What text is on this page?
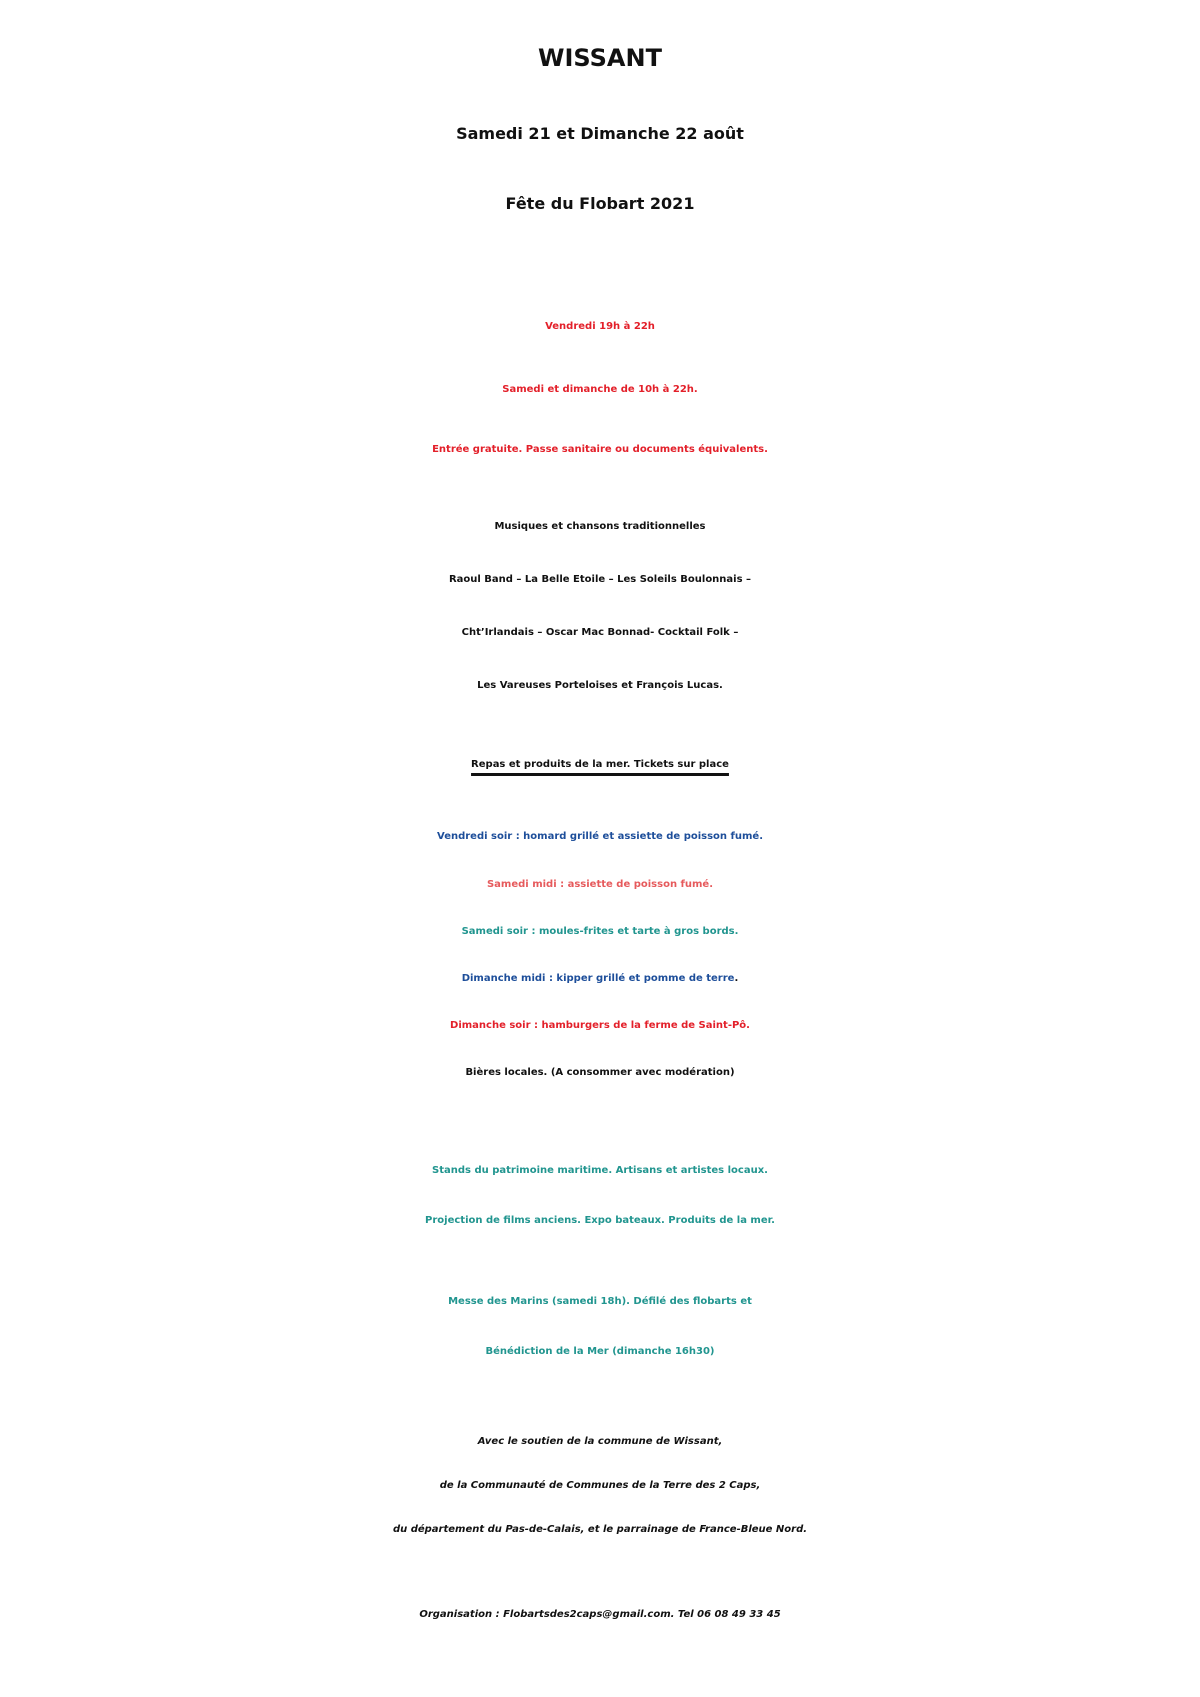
WISSANT
Samedi 21 et Dimanche 22 août
Fête du Flobart 2021
Vendredi 19h à 22h
Samedi et dimanche de 10h à 22h.
Entrée gratuite. Passe sanitaire ou documents équivalents.
Musiques et chansons traditionnelles
Raoul Band – La Belle Etoile – Les Soleils Boulonnais –
Cht’Irlandais – Oscar Mac Bonnad- Cocktail Folk –
Les Vareuses Porteloises et François Lucas.
Repas et produits de la mer. Tickets sur place
Vendredi soir : homard grillé et assiette de poisson fumé.
Samedi midi : assiette de poisson fumé.
Samedi soir : moules-frites et tarte à gros bords.
Dimanche midi : kipper grillé et pomme de terre.
Dimanche soir : hamburgers de la ferme de Saint-Pô.
Bières locales. (A consommer avec modération)
Stands du patrimoine maritime. Artisans et artistes locaux.
Projection de films anciens. Expo bateaux. Produits de la mer.
Messe des Marins (samedi 18h). Défilé des flobarts et
Bénédiction de la Mer (dimanche 16h30)
Avec le soutien de la commune de Wissant,
de la Communauté de Communes de la Terre des 2 Caps,
du département du Pas-de-Calais, et le parrainage de France-Bleue Nord.
Organisation : Flobartsdes2caps@gmail.com. Tel 06 08 49 33 45
